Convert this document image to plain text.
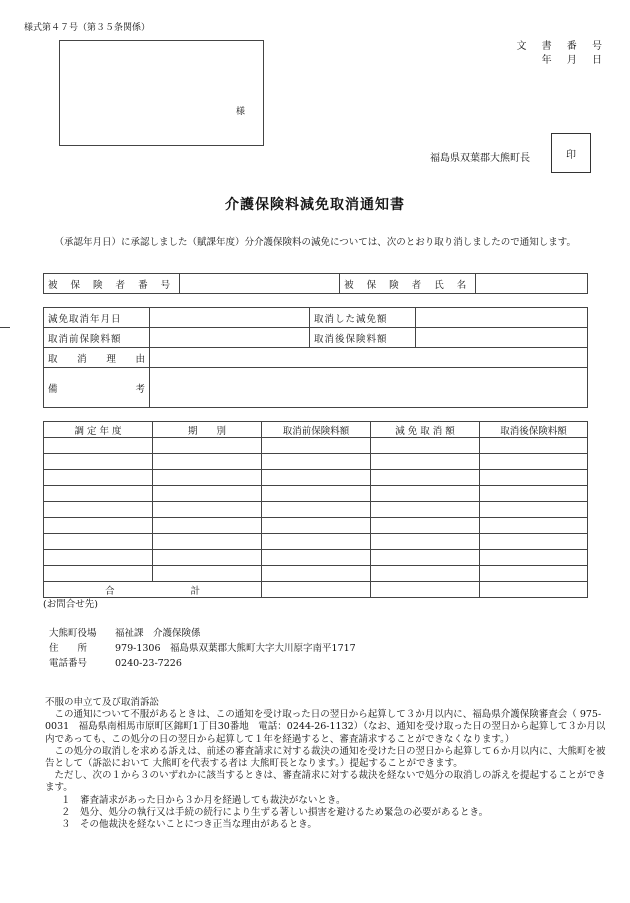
様式第４７号（第３５条関係）
様
文 書 番 号
年 月 日
福島県双葉郡大熊町長	印
介護保険料減免取消通知書
（承認年月日）に承認しました（賦課年度）分介護保険料の減免については、次のとおり取り消しましたので通知します。
被 保 険 者 番 号		被 保 険 者 氏 名	
減免取消年月日		取消した減免額	
取消前保険料額		取消後保険料額	

取 消 理 由			

備 考			

調 定 年 度	期　　別	取消前保険料額	減 免 取 消 額	取消後保険料額

合 計				

(お問合せ先)
大熊町役場	福祉課　介護保険係
住　　所	979-1306　福島県双葉郡大熊町大字大川原字南平1717
電話番号	0240-23-7226

不服の申立て及び取消訴訟

この通知について不服があるときは、この通知を受け取った日の翌日から起算して３か月以内に、福島県介護保険審査会（ 975-0031　福島県南相馬市原町区錦町1丁目30番地　電話：0244-26-1132）（なお、通知を受け取った日の翌日から起算して３か月以内であっても、この処分の日の翌日から起算して１年を経過すると、審査請求することができなくなります。）

この処分の取消しを求める訴えは、前述の審査請求に対する裁決の通知を受けた日の翌日から起算して６か月以内に、大熊町を被告として（訴訟において 大熊町を代表する者は 大熊町長となります。）提起することができます。

ただし、次の１から３のいずれかに該当するときは、審査請求に対する裁決を経ないで処分の取消しの訴えを提起することができます。

１　審査請求があった日から３か月を経過しても裁決がないとき。
２　処分、処分の執行又は手続の続行により生ずる著しい損害を避けるため緊急の必要があるとき。
３　その他裁決を経ないことにつき正当な理由があるとき。
